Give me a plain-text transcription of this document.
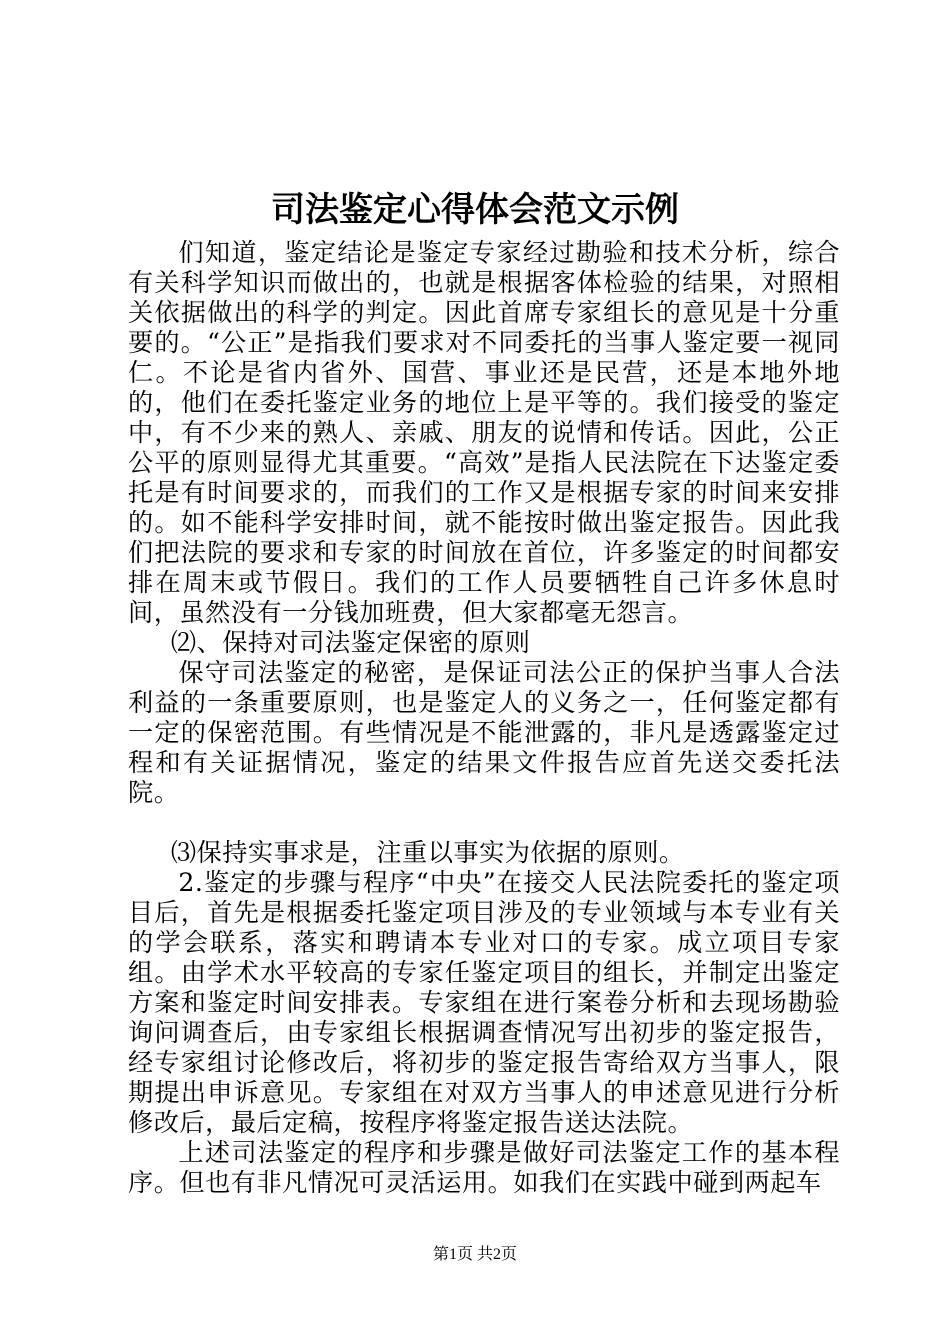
司法鉴定心得体会范文示例

们知道，鉴定结论是鉴定专家经过勘验和技术分析，综合有关科学知识而做出的，也就是根据客体检验的结果，对照相关依据做出的科学的判定。因此首席专家组长的意见是十分重要的。“公正”是指我们要求对不同委托的当事人鉴定要一视同仁。不论是省内省外、国营、事业还是民营，还是本地外地的，他们在委托鉴定业务的地位上是平等的。我们接受的鉴定中，有不少来的熟人、亲戚、朋友的说情和传话。因此，公正公平的原则显得尤其重要。“高效”是指人民法院在下达鉴定委托是有时间要求的，而我们的工作又是根据专家的时间来安排的。如不能科学安排时间，就不能按时做出鉴定报告。因此我们把法院的要求和专家的时间放在首位，许多鉴定的时间都安排在周末或节假日。我们的工作人员要牺牲自己许多休息时间，虽然没有一分钱加班费，但大家都毫无怨言。

⑵、保持对司法鉴定保密的原则

保守司法鉴定的秘密，是保证司法公正的保护当事人合法利益的一条重要原则，也是鉴定人的义务之一，任何鉴定都有一定的保密范围。有些情况是不能泄露的，非凡是透露鉴定过程和有关证据情况，鉴定的结果文件报告应首先送交委托法院。

⑶保持实事求是，注重以事实为依据的原则。

2.鉴定的步骤与程序“中央”在接交人民法院委托的鉴定项目后，首先是根据委托鉴定项目涉及的专业领域与本专业有关的学会联系，落实和聘请本专业对口的专家。成立项目专家组。由学术水平较高的专家任鉴定项目的组长，并制定出鉴定方案和鉴定时间安排表。专家组在进行案卷分析和去现场勘验询问调查后，由专家组长根据调查情况写出初步的鉴定报告，经专家组讨论修改后，将初步的鉴定报告寄给双方当事人，限期提出申诉意见。专家组在对双方当事人的申述意见进行分析修改后，最后定稿，按程序将鉴定报告送达法院。

上述司法鉴定的程序和步骤是做好司法鉴定工作的基本程序。但也有非凡情况可灵活运用。如我们在实践中碰到两起车

第1页 共2页
